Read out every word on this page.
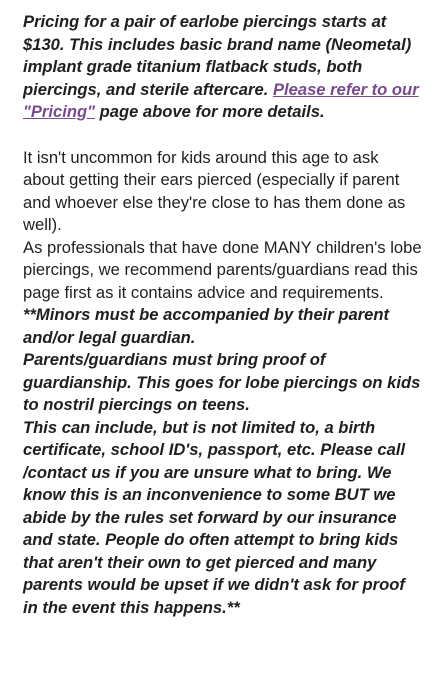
Pricing for a pair of earlobe piercings starts at $130. This includes basic brand name (Neometal) implant grade titanium flatback studs, both piercings, and sterile aftercare. Please refer to our "Pricing" page above for more details.

It isn't uncommon for kids around this age to ask about getting their ears pierced (especially if parent and whoever else they're close to has them done as well).

As professionals that have done MANY children's lobe piercings, we recommend parents/guardians read this page first as it contains advice and requirements.

**Minors must be accompanied by their parent and/or legal guardian.

Parents/guardians must bring proof of guardianship. This goes for lobe piercings on kids to nostril piercings on teens.

This can include, but is not limited to, a birth certificate, school ID's, passport, etc. Please call /contact us if you are unsure what to bring. We know this is an inconvenience to some BUT we abide by the rules set forward by our insurance and state. People do often attempt to bring kids that aren't their own to get pierced and many parents would be upset if we didn't ask for proof in the event this happens.**
